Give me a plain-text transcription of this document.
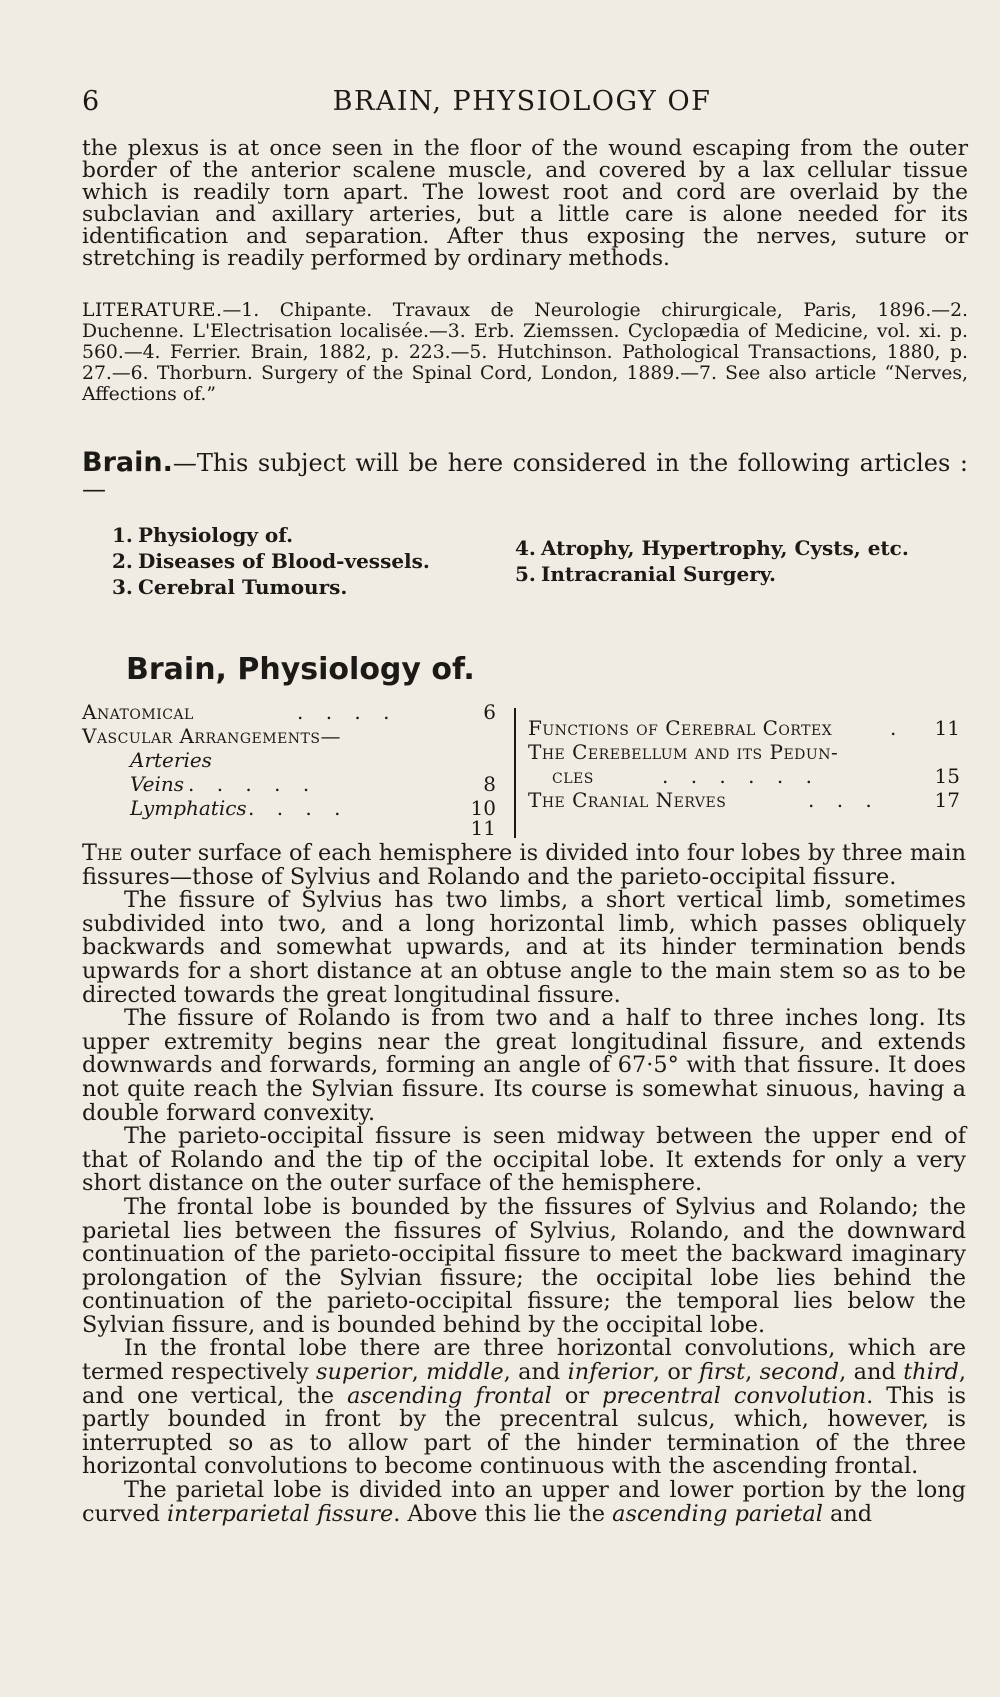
6	BRAIN, PHYSIOLOGY OF

the plexus is at once seen in the floor of the wound escaping from the outer border of the anterior scalene muscle, and covered by a lax cellular tissue which is readily torn apart. The lowest root and cord are overlaid by the subclavian and axillary arteries, but a little care is alone needed for its identification and separation. After thus exposing the nerves, suture or stretching is readily performed by ordinary methods.

LITERATURE.—1. Chipante. Travaux de Neurologie chirurgicale, Paris, 1896.—2. Duchenne. L'Electrisation localisée.—3. Erb. Ziemssen. Cyclopædia of Medicine, vol. xi. p. 560.—4. Ferrier. Brain, 1882, p. 223.—5. Hutchinson. Pathological Transactions, 1880, p. 27.—6. Thorburn. Surgery of the Spinal Cord, London, 1889.—7. See also article “Nerves, Affections of.”

Brain.—This subject will be here considered in the following articles :—

1. Physiology of.
2. Diseases of Blood-vessels.
3. Cerebral Tumours.
4. Atrophy, Hypertrophy, Cysts, etc.
5. Intracranial Surgery.
Brain, Physiology of.
Anatomical	. . . .	6
Vascular Arrangements—
Arteries
Veins . . . . .	8
Lymphatics . . . .	10
11
Functions of Cerebral Cortex	.	11
The Cerebellum and its Pedun-
cles	. . . . . .	15
The Cranial Nerves	. . .	17

The outer surface of each hemisphere is divided into four lobes by three main fissures—those of Sylvius and Rolando and the parieto-occipital fissure.

The fissure of Sylvius has two limbs, a short vertical limb, sometimes subdivided into two, and a long horizontal limb, which passes obliquely backwards and somewhat upwards, and at its hinder termination bends upwards for a short distance at an obtuse angle to the main stem so as to be directed towards the great longitudinal fissure.

The fissure of Rolando is from two and a half to three inches long. Its upper extremity begins near the great longitudinal fissure, and extends downwards and forwards, forming an angle of 67·5° with that fissure. It does not quite reach the Sylvian fissure. Its course is somewhat sinuous, having a double forward convexity.

The parieto-occipital fissure is seen midway between the upper end of that of Rolando and the tip of the occipital lobe. It extends for only a very short distance on the outer surface of the hemisphere.

The frontal lobe is bounded by the fissures of Sylvius and Rolando; the parietal lies between the fissures of Sylvius, Rolando, and the downward continuation of the parieto-occipital fissure to meet the backward imaginary prolongation of the Sylvian fissure; the occipital lobe lies behind the continuation of the parieto-occipital fissure; the temporal lies below the Sylvian fissure, and is bounded behind by the occipital lobe.

In the frontal lobe there are three horizontal convolutions, which are termed respectively superior, middle, and inferior, or first, second, and third, and one vertical, the ascending frontal or precentral convolution. This is partly bounded in front by the precentral sulcus, which, however, is interrupted so as to allow part of the hinder termination of the three horizontal convolutions to become continuous with the ascending frontal.

The parietal lobe is divided into an upper and lower portion by the long curved interparietal fissure. Above this lie the ascending parietal and
